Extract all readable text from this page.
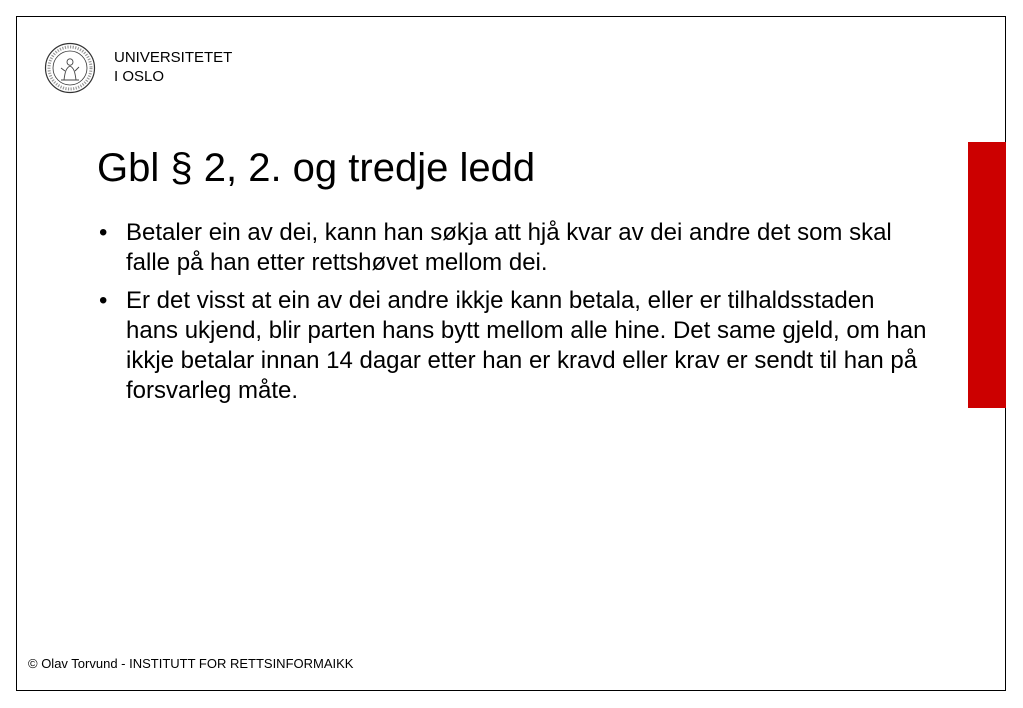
UNIVERSITETET
I OSLO
Gbl § 2, 2. og tredje ledd
• Betaler ein av dei, kann han søkja att hjå kvar av dei andre det som skal falle på han etter rettshøvet mellom dei.
• Er det visst at ein av dei andre ikkje kann betala, eller er tilhaldsstaden hans ukjend, blir parten hans bytt mellom alle hine. Det same gjeld, om han ikkje betalar innan 14 dagar etter han er kravd eller krav er sendt til han på forsvarleg måte.
© Olav Torvund - INSTITUTT FOR RETTSINFORMAIKK
